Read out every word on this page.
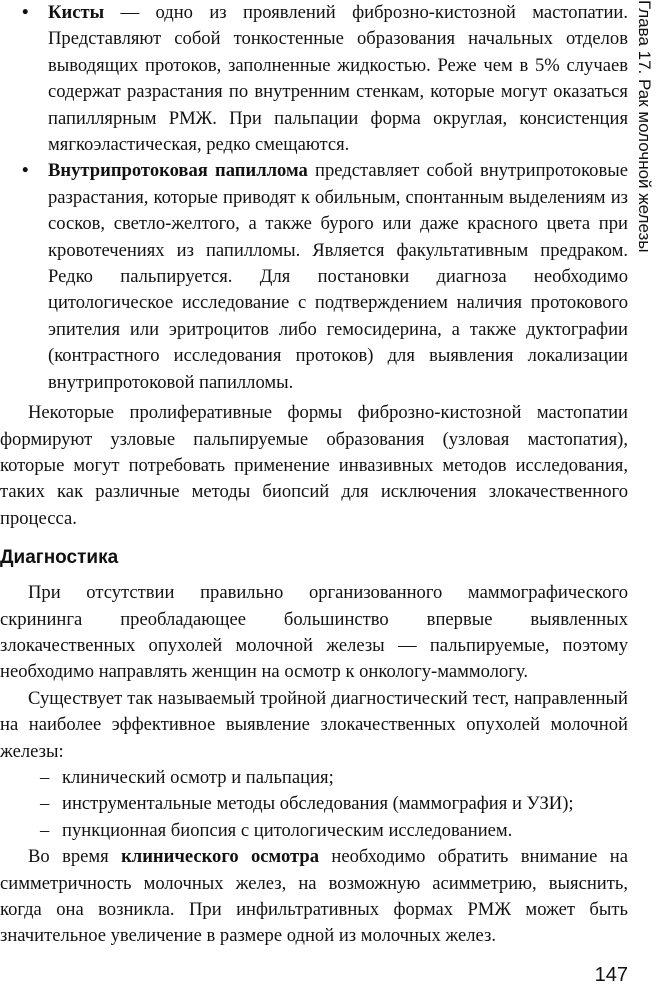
• Кисты — одно из проявлений фиброзно-кистозной мастопатии. Представляют собой тонкостенные образования начальных отделов выводящих протоков, заполненные жидкостью. Реже чем в 5% случаев содержат разрастания по внутренним стенкам, которые могут оказаться папиллярным РМЖ. При пальпации форма округлая, консистенция мягкоэластическая, редко смещаются.
• Внутрипротоковая папиллома представляет собой внутрипротоковые разрастания, которые приводят к обильным, спонтанным выделениям из сосков, светло-желтого, а также бурого или даже красного цвета при кровотечениях из папилломы. Является факультативным предраком. Редко пальпируется. Для постановки диагноза необходимо цитологическое исследование с подтверждением наличия протокового эпителия или эритроцитов либо гемосидерина, а также дуктографии (контрастного исследования протоков) для выявления локализации внутрипротоковой папилломы.

Некоторые пролиферативные формы фиброзно-кистозной мастопатии формируют узловые пальпируемые образования (узловая мастопатия), которые могут потребовать применение инвазивных методов исследования, таких как различные методы биопсий для исключения злокачественного процесса.

Диагностика

При отсутствии правильно организованного маммографического скрининга преобладающее большинство впервые выявленных злокачественных опухолей молочной железы — пальпируемые, поэтому необходимо направлять женщин на осмотр к онкологу-маммологу.

Существует так называемый тройной диагностический тест, направленный на наиболее эффективное выявление злокачественных опухолей молочной железы:

– клинический осмотр и пальпация;
– инструментальные методы обследования (маммография и УЗИ);
– пункционная биопсия с цитологическим исследованием.

Во время клинического осмотра необходимо обратить внимание на симметричность молочных желез, на возможную асимметрию, выяснить, когда она возникла. При инфильтративных формах РМЖ может быть значительное увеличение в размере одной из молочных желез.

Глава 17. Рак молочной железы
147
